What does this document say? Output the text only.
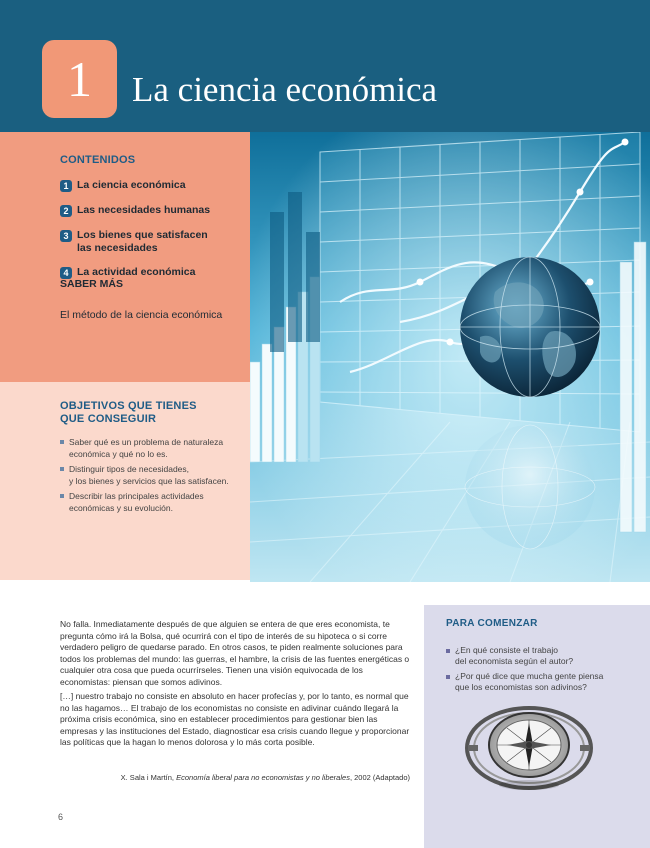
1 La ciencia económica
CONTENIDOS
1 La ciencia económica
2 Las necesidades humanas
3 Los bienes que satisfacen
las necesidades
4 La actividad económica
SABER MÁS
El método de la ciencia económica
OBJETIVOS QUE TIENES
QUE CONSEGUIR
Saber qué es un problema de naturaleza
económica y qué no lo es.
Distinguir tipos de necesidades,
y los bienes y servicios que las satisfacen.
Describir las principales actividades
económicas y su evolución.

No falla. Inmediatamente después de que alguien se entera de que eres economista, te pregunta cómo irá la Bolsa, qué ocurrirá con el tipo de interés de su hipoteca o si corre verdadero peligro de quedarse parado. En otros casos, te piden realmente soluciones para todos los problemas del mundo: las guerras, el hambre, la crisis de las fuentes energéticas o cualquier otra cosa que pueda ocurrírseles. Tienen una visión equivocada de los economistas: piensan que somos adivinos.

[…] nuestro trabajo no consiste en absoluto en hacer profecías y, por lo tanto, es normal que no las hagamos… El trabajo de los economistas no consiste en adivinar cuándo llegará la próxima crisis económica, sino en establecer procedimientos para gestionar bien las empresas y las instituciones del Estado, diagnosticar esa crisis cuando llegue y proporcionar las políticas que la hagan lo menos dolorosa y lo más corta posible.

X. Sala i Martín, Economía liberal para no economistas y no liberales, 2002 (Adaptado)
6
PARA COMENZAR
¿En qué consiste el trabajo
del economista según el autor?
¿Por qué dice que mucha gente piensa
que los economistas son adivinos?
